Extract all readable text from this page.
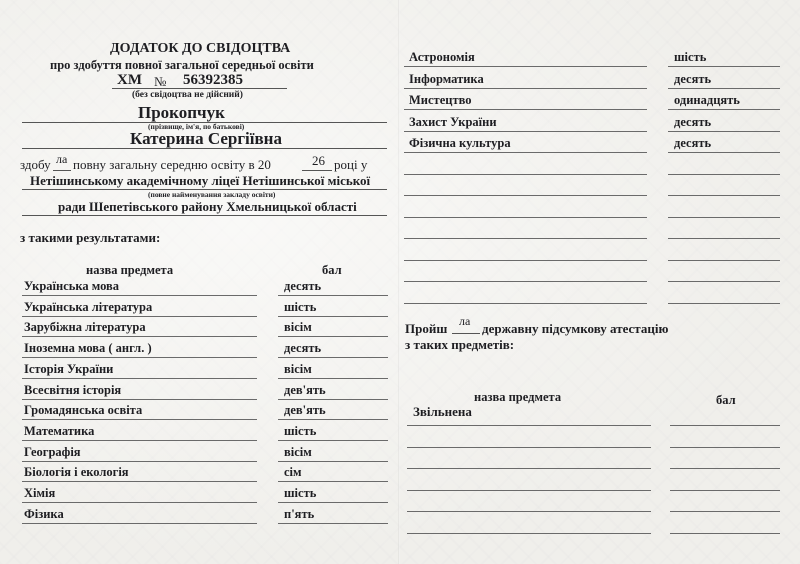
ДОДАТОК ДО СВІДОЦТВА
про здобуття повної загальної середньої освіти
ХМ № 56392385
(без свідоцтва не дійсний)
Прокопчук
(прізвище, ім'я, по батькові)
Катерина Сергіївна
здобу ла повну загальну середню освіту в 20	26 році у
Нетішинському академічному ліцеї Нетішинської міської
(повне найменування закладу освіти)
ради Шепетівського району Хмельницької області
з такими результатами:
назва предмета	бал
Українська мова	десять
Українська література	шість
Зарубіжна література	вісім
Іноземна мова ( англ. )	десять
Історія України	вісім
Всесвітня історія	дев'ять
Громадянська освіта	дев'ять
Математика	шість
Географія	вісім
Біологія і екологія	сім
Хімія	шість
Фізика	п'ять
Астрономія	шість
Інформатика	десять
Мистецтво	одинадцять
Захист України	десять
Фізична культура	десять
Пройш ла державну підсумкову атестацію
з таких предметів:
назва предмета	бал
Звільнена
